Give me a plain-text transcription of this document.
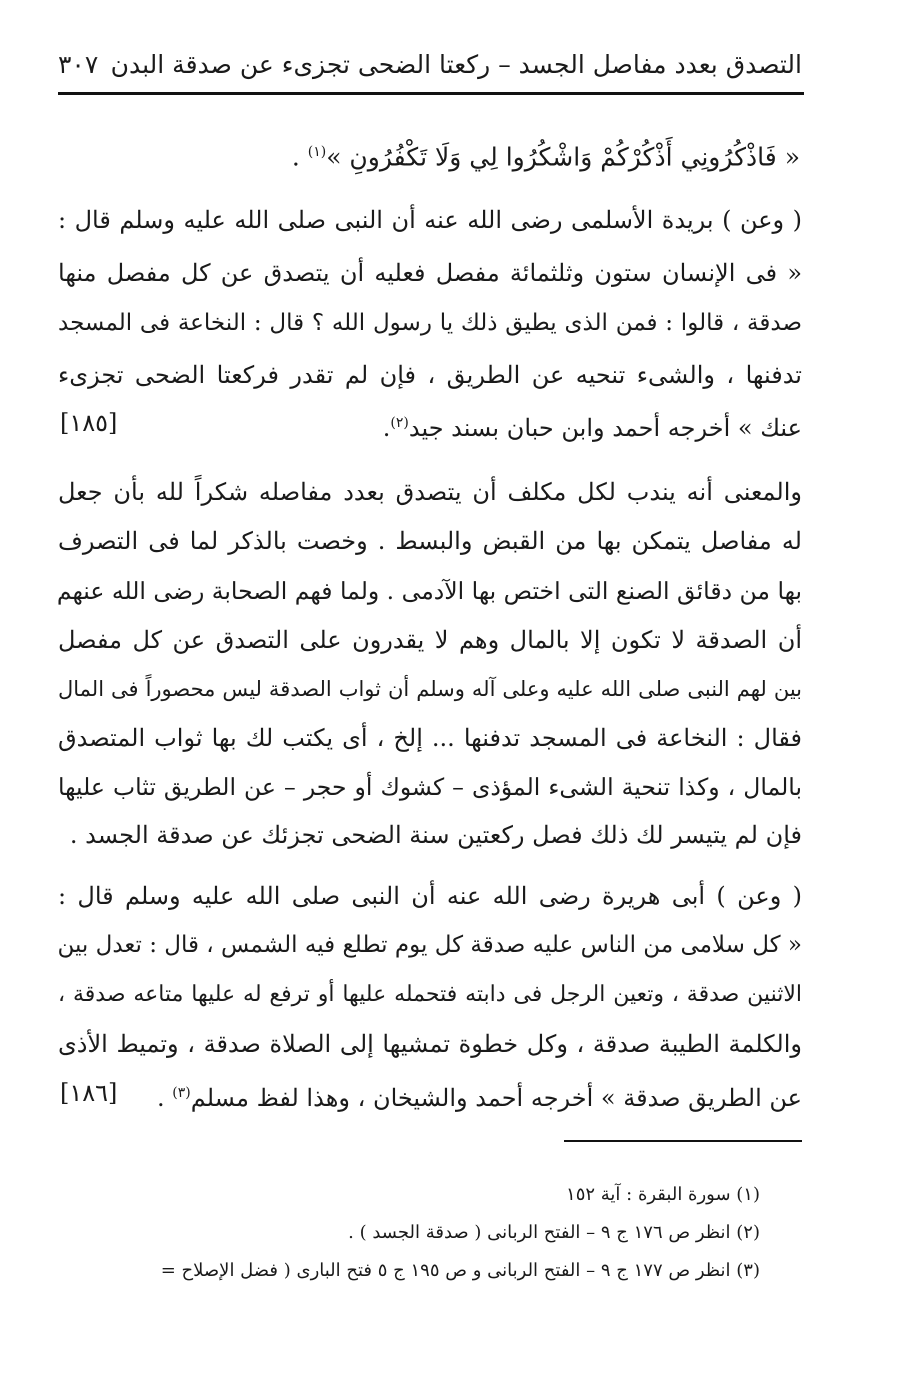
التصدق بعدد مفاصل الجسد – ركعتا الضحى تجزىء عن صدقة البدن
٣٠٧
« فَاذْكُرُونِي أَذْكُرْكُمْ وَاشْكُرُوا لِي وَلَا تَكْفُرُونِ »$^{(١)}$ .
( وعن ) بريدة الأسلمى رضى الله عنه أن النبى صلى الله عليه وسلم قال :
« فى الإنسان ستون وثلثمائة مفصل فعليه أن يتصدق عن كل مفصل منها
صدقة ، قالوا : فمن الذى يطيق ذلك يا رسول الله ؟ قال : النخاعة فى المسجد
تدفنها ، والشىء تنحيه عن الطريق ، فإن لم تقدر فركعتا الضحى تجزىء
عنك » أخرجه أحمد وابن حبان بسند جيد$^{(٢)}$.
[١٨٥]
والمعنى أنه يندب لكل مكلف أن يتصدق بعدد مفاصله شكراً لله بأن جعل
له مفاصل يتمكن بها من القبض والبسط . وخصت بالذكر لما فى التصرف
بها من دقائق الصنع التى اختص بها الآدمى . ولما فهم الصحابة رضى الله عنهم
أن الصدقة لا تكون إلا بالمال وهم لا يقدرون على التصدق عن كل مفصل
بين لهم النبى صلى الله عليه وعلى آله وسلم أن ثواب الصدقة ليس محصوراً فى المال
فقال : النخاعة فى المسجد تدفنها ... إلخ ، أى يكتب لك بها ثواب المتصدق
بالمال ، وكذا تنحية الشىء المؤذى – كشوك أو حجر – عن الطريق تثاب عليها
فإن لم يتيسر لك ذلك فصل ركعتين سنة الضحى تجزئك عن صدقة الجسد .
( وعن ) أبى هريرة رضى الله عنه أن النبى صلى الله عليه وسلم قال :
« كل سلامى من الناس عليه صدقة كل يوم تطلع فيه الشمس ، قال : تعدل بين
الاثنين صدقة ، وتعين الرجل فى دابته فتحمله عليها أو ترفع له عليها متاعه صدقة ،
والكلمة الطيبة صدقة ، وكل خطوة تمشيها إلى الصلاة صدقة ، وتميط الأذى
عن الطريق صدقة » أخرجه أحمد والشيخان ، وهذا لفظ مسلم$^{(٣)}$ .
[١٨٦]
(١) سورة البقرة : آية ١٥٢
(٢) انظر ص ١٧٦ ج ٩ – الفتح الربانى ( صدقة الجسد ) .
(٣) انظر ص ١٧٧ ج ٩ – الفتح الربانى و ص ١٩٥ ج ٥ فتح البارى ( فضل الإصلاح =
